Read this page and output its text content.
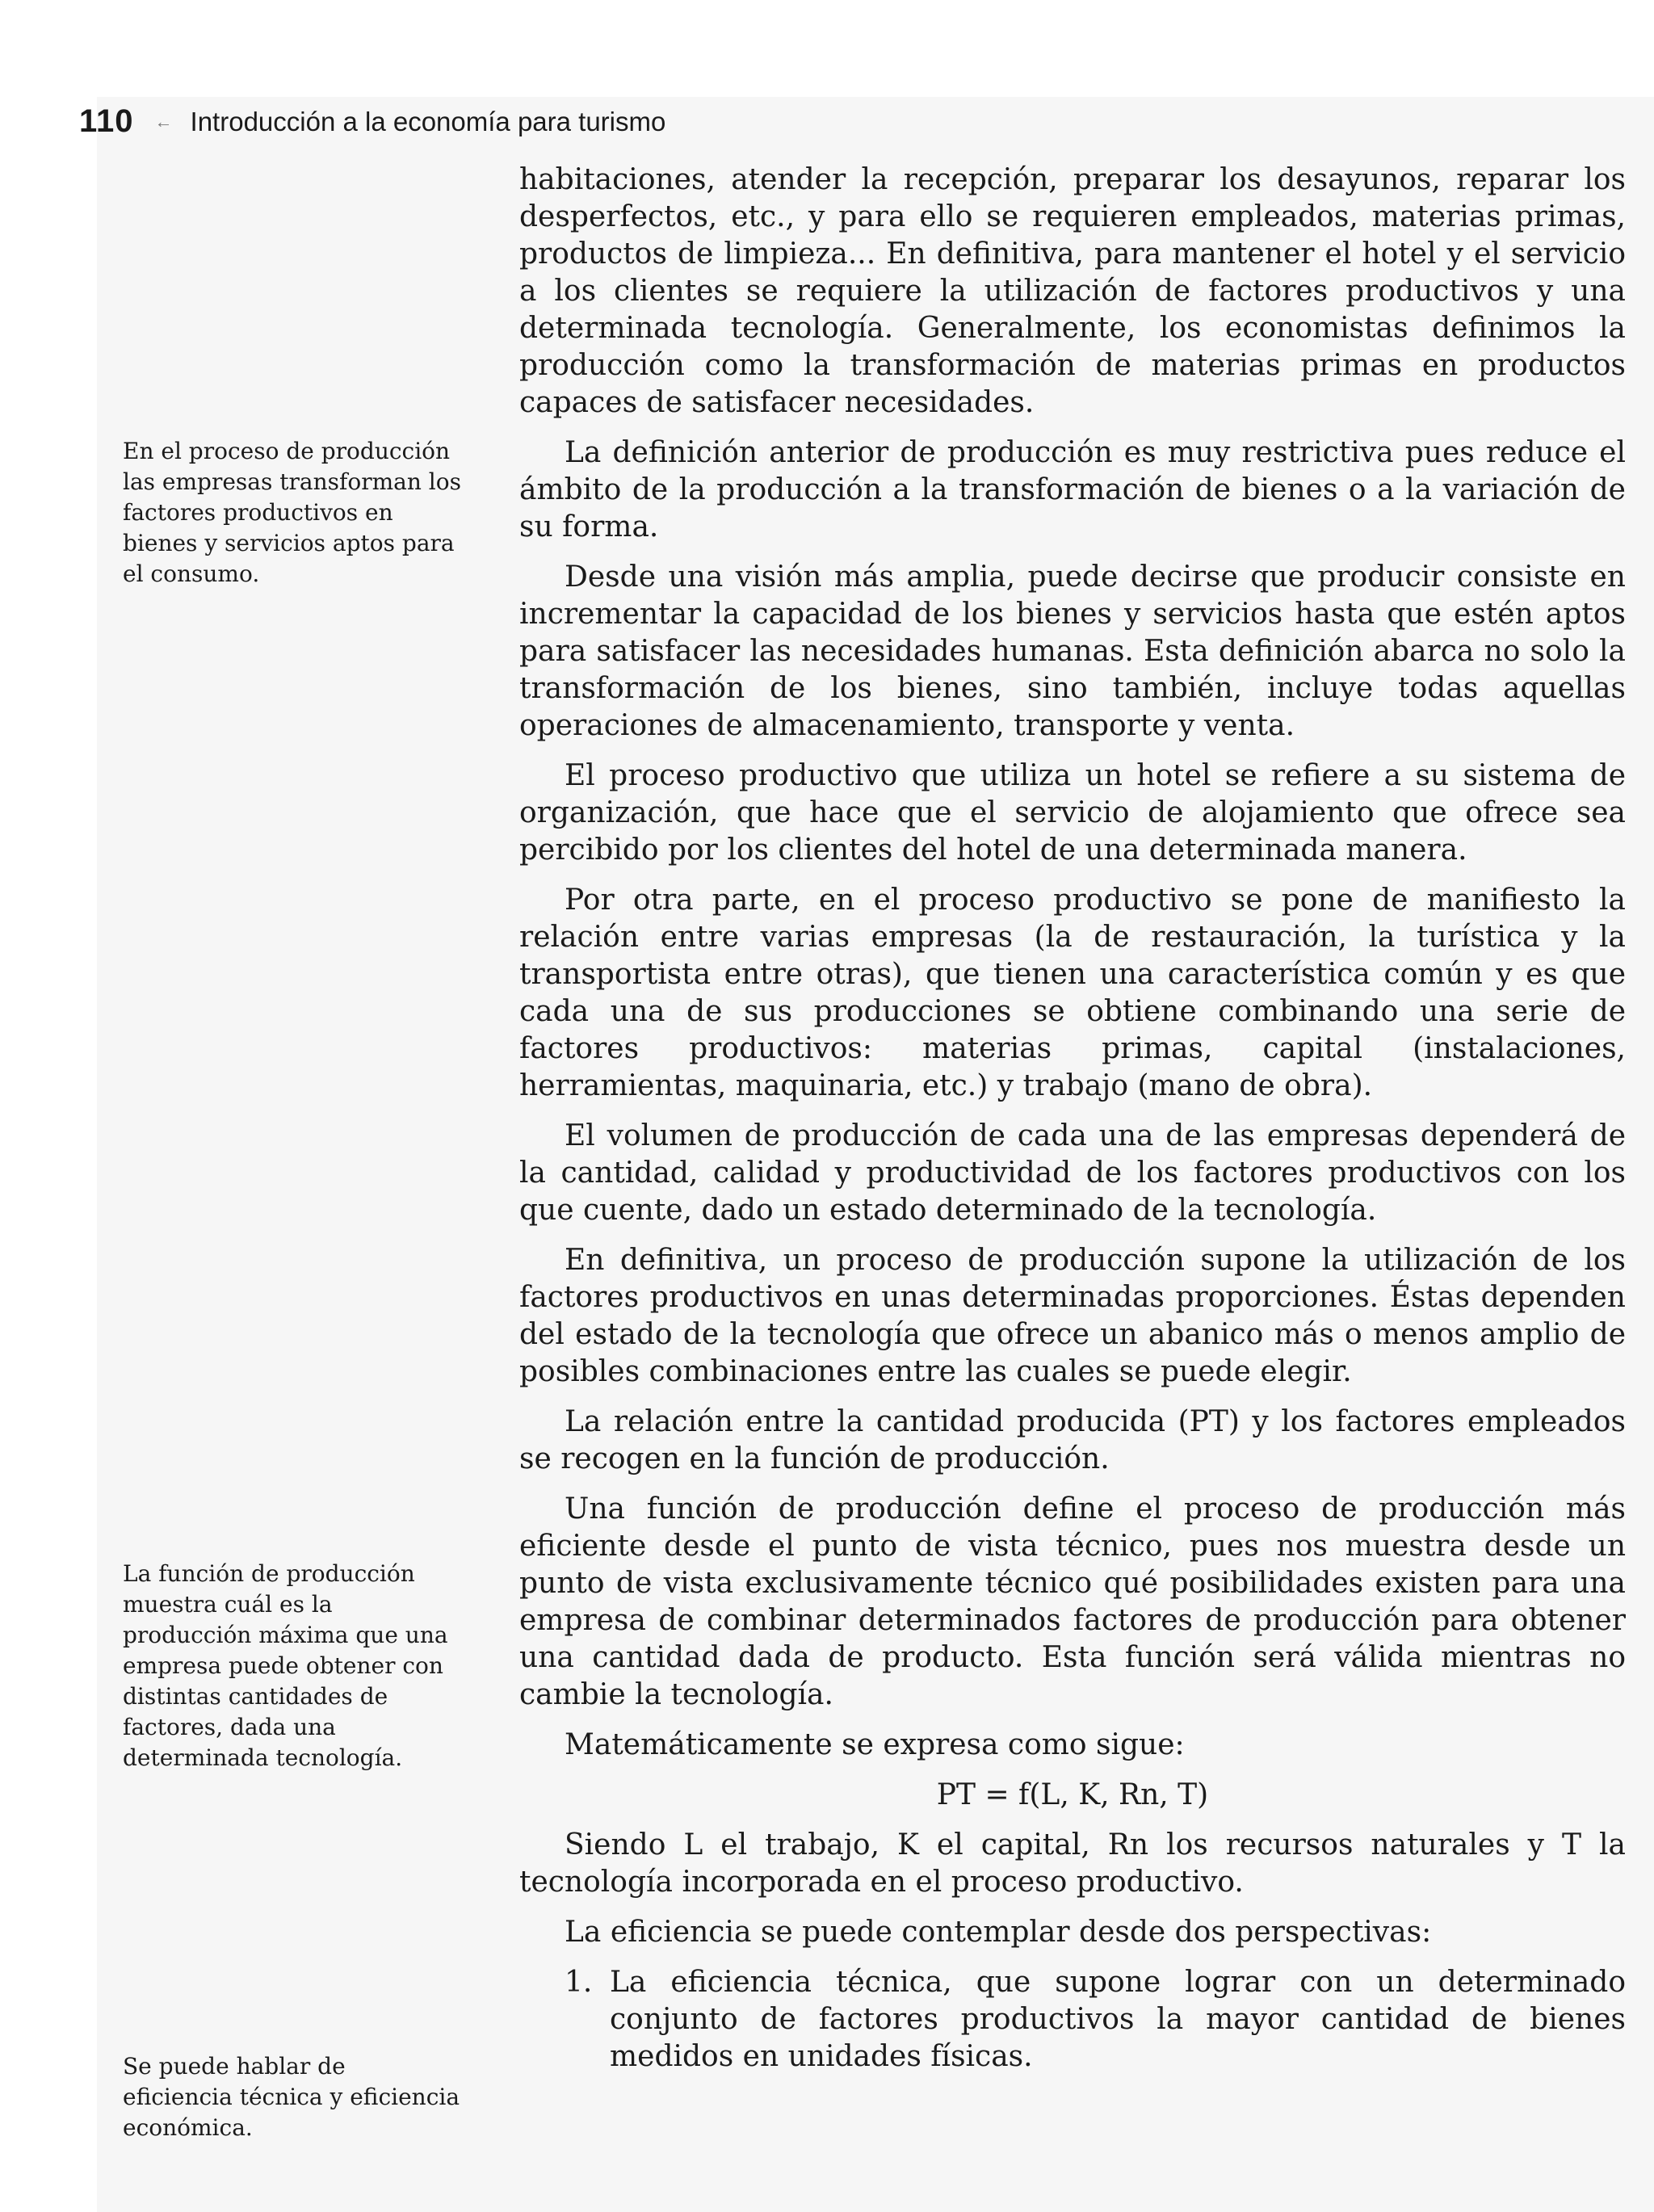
110 ← Introducción a la economía para turismo
En el proceso de producción las empresas transforman los factores productivos en bienes y servicios aptos para el consumo.
La función de producción muestra cuál es la producción máxima que una empresa puede obtener con distintas cantidades de factores, dada una determinada tecnología.
Se puede hablar de eficiencia técnica y eficiencia económica.

habitaciones, atender la recepción, preparar los desayunos, reparar los desperfectos, etc., y para ello se requieren empleados, materias primas, productos de limpieza... En definitiva, para mantener el hotel y el servicio a los clientes se requiere la utilización de factores productivos y una determinada tecnología. Generalmente, los economistas definimos la producción como la transformación de materias primas en productos capaces de satisfacer necesidades.

La definición anterior de producción es muy restrictiva pues reduce el ámbito de la producción a la transformación de bienes o a la variación de su forma.

Desde una visión más amplia, puede decirse que producir consiste en incrementar la capacidad de los bienes y servicios hasta que estén aptos para satisfacer las necesidades humanas. Esta definición abarca no solo la transformación de los bienes, sino también, incluye todas aquellas operaciones de almacenamiento, transporte y venta.

El proceso productivo que utiliza un hotel se refiere a su sistema de organización, que hace que el servicio de alojamiento que ofrece sea percibido por los clientes del hotel de una determinada manera.

Por otra parte, en el proceso productivo se pone de manifiesto la relación entre varias empresas (la de restauración, la turística y la transportista entre otras), que tienen una característica común y es que cada una de sus producciones se obtiene combinando una serie de factores productivos: materias primas, capital (instalaciones, herramientas, maquinaria, etc.) y trabajo (mano de obra).

El volumen de producción de cada una de las empresas dependerá de la cantidad, calidad y productividad de los factores productivos con los que cuente, dado un estado determinado de la tecnología.

En definitiva, un proceso de producción supone la utilización de los factores productivos en unas determinadas proporciones. Éstas dependen del estado de la tecnología que ofrece un abanico más o menos amplio de posibles combinaciones entre las cuales se puede elegir.

La relación entre la cantidad producida (PT) y los factores empleados se recogen en la función de producción.

Una función de producción define el proceso de producción más eficiente desde el punto de vista técnico, pues nos muestra desde un punto de vista exclusivamente técnico qué posibilidades existen para una empresa de combinar determinados factores de producción para obtener una cantidad dada de producto. Esta función será válida mientras no cambie la tecnología.

Matemáticamente se expresa como sigue:

PT = f(L, K, Rn, T)

Siendo L el trabajo, K el capital, Rn los recursos naturales y T la tecnología incorporada en el proceso productivo.

La eficiencia se puede contemplar desde dos perspectivas:

1. La eficiencia técnica, que supone lograr con un determinado conjunto de factores productivos la mayor cantidad de bienes medidos en unidades físicas.
